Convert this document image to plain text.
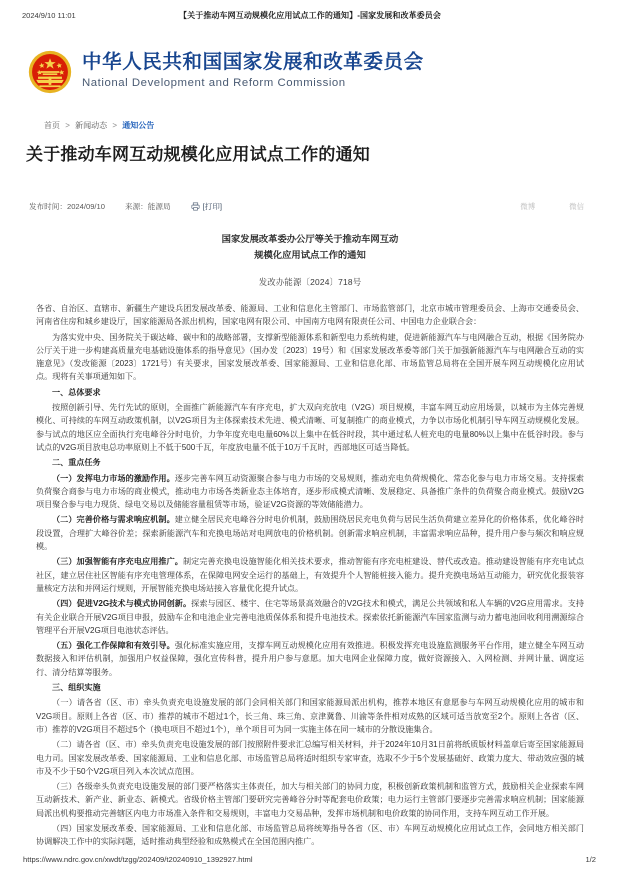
2024/9/10 11:01	【关于推动车网互动规模化应用试点工作的通知】-国家发展和改革委员会
中华人民共和国国家发展和改革委员会
National Development and Reform Commission
首页 > 新闻动态 > 通知公告
关于推动车网互动规模化应用试点工作的通知
发布时间：2024/09/10	来源：能源局	[打印]	微博	微信
国家发展改革委办公厅等关于推动车网互动
规模化应用试点工作的通知
发改办能源〔2024〕718号

各省、自治区、直辖市、新疆生产建设兵团发展改革委、能源局、工业和信息化主管部门、市场监管部门，北京市城市管理委员会、上海市交通委员会、河南省住房和城乡建设厅，国家能源局各派出机构，国家电网有限公司、中国南方电网有限责任公司、中国电力企业联合会：

为落实党中央、国务院关于碳达峰、碳中和的战略部署，支撑新型能源体系和新型电力系统构建，促进新能源汽车与电网融合互动，根据《国务院办公厅关于进一步构建高质量充电基础设施体系的指导意见》（国办发〔2023〕19号）和《国家发展改革委等部门关于加强新能源汽车与电网融合互动的实施意见》（发改能源〔2023〕1721号）有关要求，国家发展改革委、国家能源局、工业和信息化部、市场监管总局将在全国开展车网互动规模化应用试点。现将有关事项通知如下。

一、总体要求

按照创新引导、先行先试的原则，全面推广新能源汽车有序充电，扩大双向充放电（V2G）项目规模，丰富车网互动应用场景，以城市为主体完善规模化、可持续的车网互动政策机制，以V2G项目为主体探索技术先进、模式清晰、可复制推广的商业模式，力争以市场化机制引导车网互动规模化发展。参与试点的地区应全面执行充电峰谷分时电价，力争年度充电电量60%以上集中在低谷时段，其中通过私人桩充电的电量80%以上集中在低谷时段。参与试点的V2G项目放电总功率原则上不低于500千瓦，年度放电量不低于10万千瓦时，西部地区可适当降低。

二、重点任务

（一）发挥电力市场的激励作用。逐步完善车网互动资源聚合参与电力市场的交易规则，推动充电负荷规模化、常态化参与电力市场交易。支持探索负荷聚合商参与电力市场的商业模式，推动电力市场各类新业态主体培育，逐步形成模式清晰、发展稳定、具备推广条件的负荷聚合商业模式。鼓励V2G项目聚合参与电力现货、绿电交易以及储能容量租赁等市场，验证V2G资源的等效储能潜力。

（二）完善价格与需求响应机制。建立健全居民充电峰谷分时电价机制，鼓励围绕居民充电负荷与居民生活负荷建立差异化的价格体系，优化峰谷时段设置，合理扩大峰谷价差；探索新能源汽车和充换电场站对电网放电的价格机制。创新需求响应机制，丰富需求响应品种，提升用户参与频次和响应规模。

（三）加强智能有序充电应用推广。制定完善充换电设施智能化相关技术要求，推动智能有序充电桩建设、替代或改造。推动建设智能有序充电试点社区，建立居住社区智能有序充电管理体系，在保障电网安全运行的基础上，有效提升个人智能桩接入能力。提升充换电场站互动能力，研究优化报装容量核定方法和并网运行规则，开展智能充换电场站接入容量优化提升试点。

（四）促进V2G技术与模式协同创新。探索与园区、楼宇、住宅等场景高效融合的V2G技术和模式，满足公共领域和私人车辆的V2G应用需求。支持有关企业联合开展V2G项目申报，鼓励车企和电池企业完善电池质保体系和提升电池技术。探索依托新能源汽车国家监测与动力蓄电池回收利用溯源综合管理平台开展V2G项目电池状态评估。

（五）强化工作保障和有效引导。强化标准实施应用，支撑车网互动规模化应用有效推进。积极发挥充电设施监测服务平台作用，建立健全车网互动数据接入和评估机制，加强用户权益保障，强化宣传科普，提升用户参与意愿。加大电网企业保障力度，做好资源接入、入网检测、并网计量、调度运行、清分结算等服务。

三、组织实施

（一）请各省（区、市）牵头负责充电设施发展的部门会同相关部门和国家能源局派出机构，推荐本地区有意愿参与车网互动规模化应用的城市和V2G项目。原则上各省（区、市）推荐的城市不超过1个，长三角、珠三角、京津冀鲁、川渝等条件相对成熟的区域可适当放宽至2个。原则上各省（区、市）推荐的V2G项目不超过5个（换电项目不超过1个），单个项目可为同一实施主体在同一城市的分散设施集合。

（二）请各省（区、市）牵头负责充电设施发展的部门按照附件要求汇总编写相关材料，并于2024年10月31日前将纸质版材料盖章后寄至国家能源局电力司。国家发展改革委、国家能源局、工业和信息化部、市场监管总局将适时组织专家审查，选取不少于5个发展基础好、政策力度大、带动效应强的城市及不少于50个V2G项目列入本次试点范围。

（三）各级牵头负责充电设施发展的部门要严格落实主体责任，加大与相关部门的协同力度，积极创新政策机制和监管方式，鼓励相关企业探索车网互动新技术、新产业、新业态、新模式。省级价格主管部门要研究完善峰谷分时等配套电价政策；电力运行主管部门要逐步完善需求响应机制；国家能源局派出机构要推动完善辖区内电力市场准入条件和交易规则，丰富电力交易品种，发挥市场机制和电价政策的协同作用，支持车网互动工作开展。

（四）国家发展改革委、国家能源局、工业和信息化部、市场监管总局将统筹指导各省（区、市）车网互动规模化应用试点工作，会同地方相关部门协调解决工作中的实际问题，适时推动典型经验和成熟模式在全国范围内推广。

https://www.ndrc.gov.cn/xwdt/tzgg/202409/t20240910_1392927.html	1/2
